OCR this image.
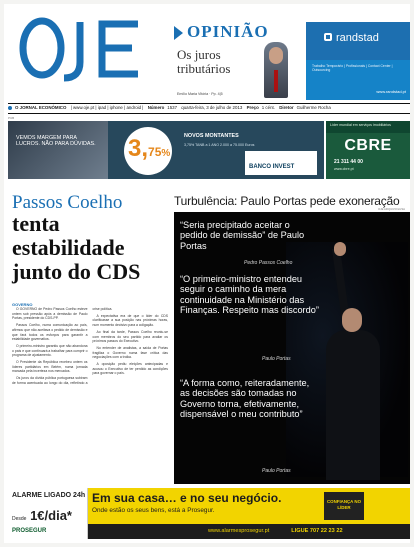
OPINIÃO
Os juros tributários
Emílio Maria Vitória · Pp. 4|5
randstad
Trabalho Temporário | Profissionais | Contact Center | Outsourcing
www.randstad.pt
O JORNAL ECONÓMICO | www.oje.pt | ipad | iphone | android | Número 1537 quarta-feira, 3 de julho de 2013 Preço 1 cént. Diretor Guilherme Rocha
PUB
VEMOS MARGEM PARA LUCROS. NÃO PARA DÚVIDAS. 3,75%
NOVOS MONTANTES
3,75% TANB a 1 ANO 2.000 a 75.000 Euros
BANCO INVEST
Líder mundial em serviços imobiliários
CBRE
21 311 44 00
www.cbre.pt
Passos Coelho
tenta estabilidade junto do CDS
GOVERNO

O GOVERNO de Pedro Passos Coelho esteve ontem sob pressão após a demissão de Paulo Portas, presidente do CDS-PP.

Passos Coelho, numa comunicação ao país, afirmou que não aceitava o pedido de demissão e que fará todos os esforços para garantir a estabilidade governativa.

O primeiro-ministro garantiu que não abandona o país e que continuará a trabalhar para cumprir o programa de ajustamento.

O Presidente da República recebeu ontem os líderes partidários em Belém, numa jornada marcada pela incerteza nos mercados.

Os juros da dívida pública portuguesa subiram de forma acentuada ao longo do dia, refletindo a crise política.

A expectativa era de que o líder do CDS clarificasse a sua posição nas próximas horas, num momento decisivo para a coligação.

Ao final da tarde, Passos Coelho reuniu-se com membros do seu partido para avaliar os próximos passos do Executivo.

No entender de analistas, a saída de Portas fragiliza o Governo numa fase crítica das negociações com a troika.

A oposição pediu eleições antecipadas e acusou o Executivo de ter perdido as condições para governar o país.

Turbulência: Paulo Portas pede exoneração
“Seria precipitado aceitar o pedido de demissão” de Paulo Portas
Pedro Passos Coelho
“O primeiro-ministro entendeu seguir o caminho da mera continuidade na Ministério das Finanças. Respeito mas discordo”
Paulo Portas
“A forma como, reiteradamente, as decisões são tomadas no Governo torna, efetivamente, dispensável o meu contributo”
Paulo Portas
OJE ARQUIVO/LUSA
ALARME LIGADO 24h
Desde 1€/dia*
PROSEGUR
Em sua casa… e no seu negócio.
Onde estão os seus bens, está a Prosegur.
CONFIANÇA NO LÍDER
www.alarmesprosegur.pt	LIGUE 707 22 23 22
